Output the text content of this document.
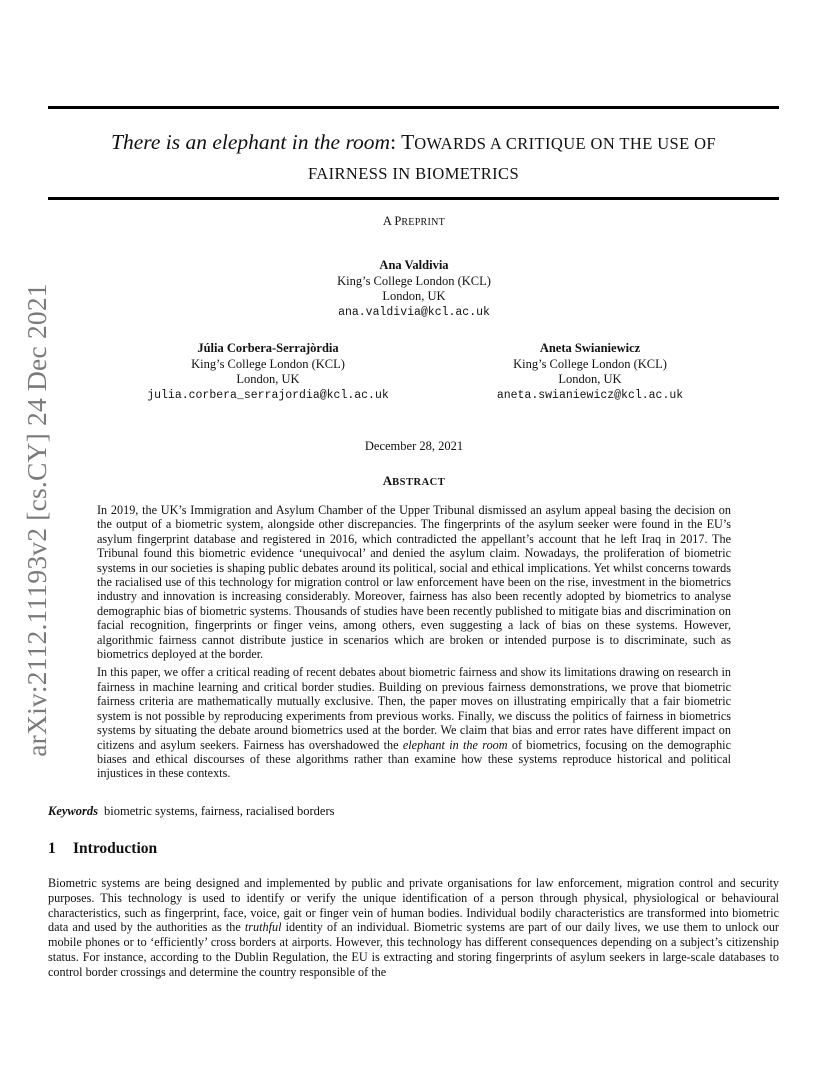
arXiv:2112.11193v2 [cs.CY] 24 Dec 2021
There is an elephant in the room: TOWARDS A CRITIQUE ON THE USE OF
FAIRNESS IN BIOMETRICS
A PREPRINT
Ana Valdivia
King’s College London (KCL)
London, UK
ana.valdivia@kcl.ac.uk
Júlia Corbera-Serrajòrdia
King’s College London (KCL)
London, UK
julia.corbera_serrajordia@kcl.ac.uk
Aneta Swianiewicz
King’s College London (KCL)
London, UK
aneta.swianiewicz@kcl.ac.uk
December 28, 2021
ABSTRACT

In 2019, the UK’s Immigration and Asylum Chamber of the Upper Tribunal dismissed an asylum appeal basing the decision on the output of a biometric system, alongside other discrepancies. The fingerprints of the asylum seeker were found in the EU’s asylum fingerprint database and registered in 2016, which contradicted the appellant’s account that he left Iraq in 2017. The Tribunal found this biometric evidence ‘unequivocal’ and denied the asylum claim. Nowadays, the proliferation of biometric systems in our societies is shaping public debates around its political, social and ethical implications. Yet whilst concerns towards the racialised use of this technology for migration control or law enforcement have been on the rise, investment in the biometrics industry and innovation is increasing considerably. Moreover, fairness has also been recently adopted by biometrics to analyse demographic bias of biometric systems. Thousands of studies have been recently published to mitigate bias and discrimination on facial recognition, fingerprints or finger veins, among others, even suggesting a lack of bias on these systems. However, algorithmic fairness cannot distribute justice in scenarios which are broken or intended purpose is to discriminate, such as biometrics deployed at the border.

In this paper, we offer a critical reading of recent debates about biometric fairness and show its limitations drawing on research in fairness in machine learning and critical border studies. Building on previous fairness demonstrations, we prove that biometric fairness criteria are mathematically mutually exclusive. Then, the paper moves on illustrating empirically that a fair biometric system is not possible by reproducing experiments from previous works. Finally, we discuss the politics of fairness in biometrics systems by situating the debate around biometrics used at the border. We claim that bias and error rates have different impact on citizens and asylum seekers. Fairness has overshadowed the elephant in the room of biometrics, focusing on the demographic biases and ethical discourses of these algorithms rather than examine how these systems reproduce historical and political injustices in these contexts.

Keywords biometric systems, fairness, racialised borders
1 Introduction

Biometric systems are being designed and implemented by public and private organisations for law enforcement, migration control and security purposes. This technology is used to identify or verify the unique identification of a person through physical, physiological or behavioural characteristics, such as fingerprint, face, voice, gait or finger vein of human bodies. Individual bodily characteristics are transformed into biometric data and used by the authorities as the truthful identity of an individual. Biometric systems are part of our daily lives, we use them to unlock our mobile phones or to ‘efficiently’ cross borders at airports. However, this technology has different consequences depending on a subject’s citizenship status. For instance, according to the Dublin Regulation, the EU is extracting and storing fingerprints of asylum seekers in large-scale databases to control border crossings and determine the country responsible of the
